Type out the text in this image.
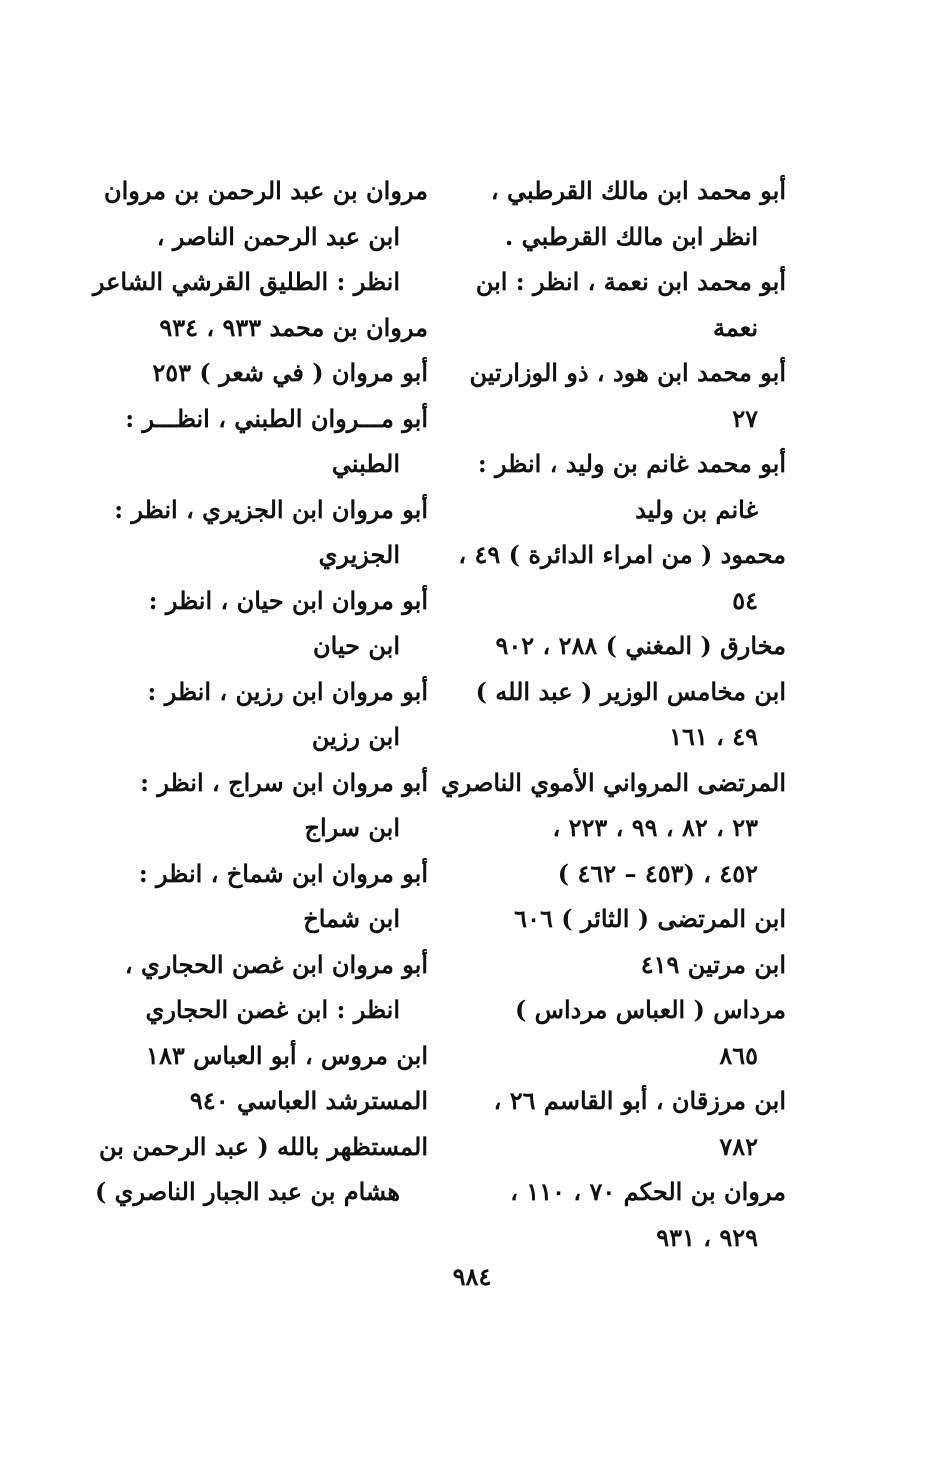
أبو محمد ابن مالك القرطبي ،
انظر ابن مالك القرطبي .
أبو محمد ابن نعمة ، انظر : ابن
نعمة
أبو محمد ابن هود ، ذو الوزارتين
٢٧
أبو محمد غانم بن وليد ، انظر :
غانم بن وليد
محمود ( من امراء الدائرة ) ٤٩ ،
٥٤
مخارق ( المغني ) ٢٨٨ ، ٩٠٢
ابن مخامس الوزير ( عبد الله )
٤٩ ، ١٦١
المرتضى المرواني الأموي الناصري
٢٣ ، ٨٢ ، ٩٩ ، ٢٢٣ ،
٤٥٢ ، (٤٥٣ – ٤٦٢ )
ابن المرتضى ( الثائر ) ٦٠٦
ابن مرتين ٤١٩
مرداس ( العباس مرداس )
٨٦٥
ابن مرزقان ، أبو القاسم ٢٦ ،
٧٨٢
مروان بن الحكم ٧٠ ، ١١٠ ،
٩٢٩ ، ٩٣١
مروان بن عبد الرحمن بن مروان
ابن عبد الرحمن الناصر ،
انظر : الطليق القرشي الشاعر
مروان بن محمد ٩٣٣ ، ٩٣٤
أبو مروان ( في شعر ) ٢٥٣
أبو مـــروان الطبني ، انظـــر :
الطبني
أبو مروان ابن الجزيري ، انظر :
الجزيري
أبو مروان ابن حيان ، انظر :
ابن حيان
أبو مروان ابن رزين ، انظر :
ابن رزين
أبو مروان ابن سراج ، انظر :
ابن سراج
أبو مروان ابن شماخ ، انظر :
ابن شماخ
أبو مروان ابن غصن الحجاري ،
انظر : ابن غصن الحجاري
ابن مروس ، أبو العباس ١٨٣
المسترشد العباسي ٩٤٠
المستظهر بالله ( عبد الرحمن بن
هشام بن عبد الجبار الناصري )
٩٨٤
